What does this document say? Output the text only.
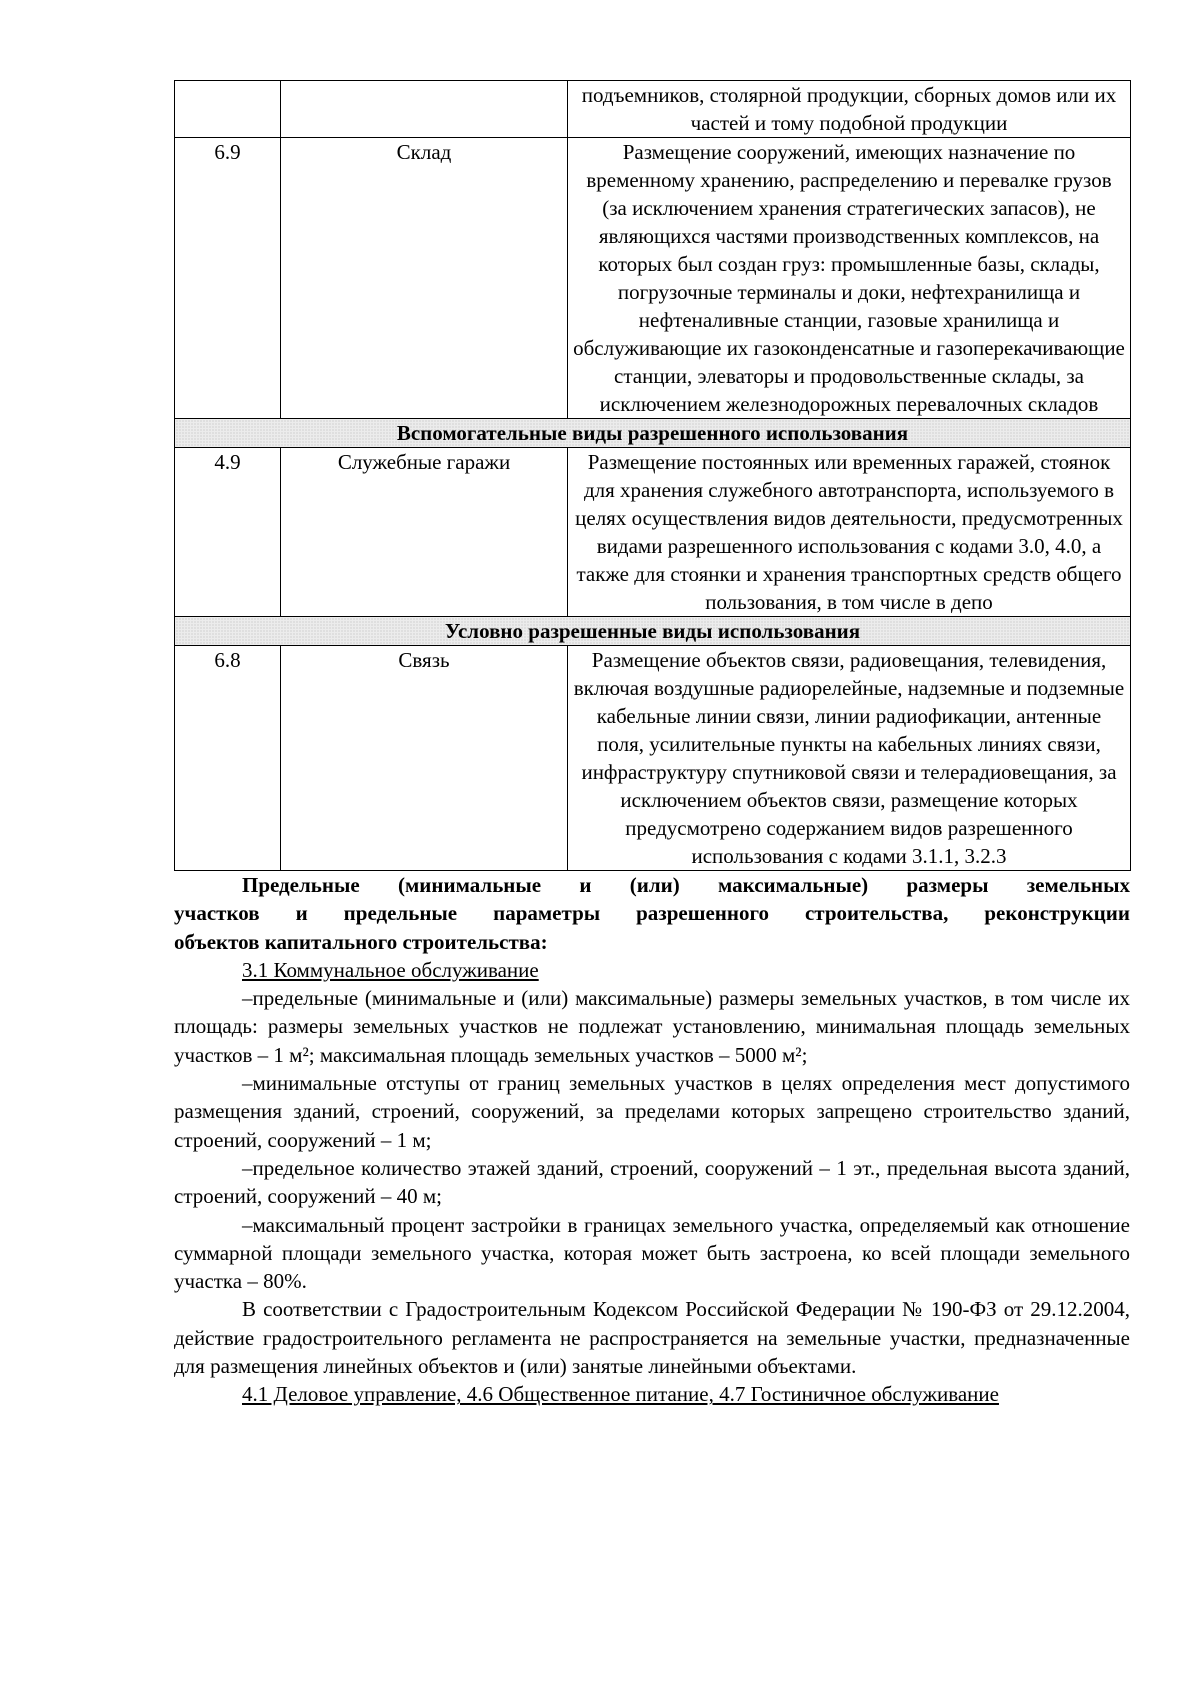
		подъемников, столярной продукции, сборных домов или их частей и тому подобной продукции
6.9	Склад	Размещение сооружений, имеющих назначение по временному хранению, распределению и перевалке грузов (за исключением хранения стратегических запасов), не являющихся частями производственных комплексов, на которых был создан груз: промышленные базы, склады, погрузочные терминалы и доки, нефтехранилища и нефтеналивные станции, газовые хранилища и обслуживающие их газоконденсатные и газоперекачивающие станции, элеваторы и продовольственные склады, за исключением железнодорожных перевалочных складов
Вспомогательные виды разрешенного использования		
4.9	Служебные гаражи	Размещение постоянных или временных гаражей, стоянок для хранения служебного автотранспорта, используемого в целях осуществления видов деятельности, предусмотренных видами разрешенного использования с кодами 3.0, 4.0, а также для стоянки и хранения транспортных средств общего пользования, в том числе в депо
Условно разрешенные виды использования		
6.8	Связь	Размещение объектов связи, радиовещания, телевидения, включая воздушные радиорелейные, надземные и подземные кабельные линии связи, линии радиофикации, антенные поля, усилительные пункты на кабельных линиях связи, инфраструктуру спутниковой связи и телерадиовещания, за исключением объектов связи, размещение которых предусмотрено содержанием видов разрешенного использования с кодами 3.1.1, 3.2.3

Предельные (минимальные и (или) максимальные) размеры земельных

участков и предельные параметры разрешенного строительства, реконструкции

объектов капитального строительства:

3.1 Коммунальное обслуживание

–предельные (минимальные и (или) максимальные) размеры земельных участков, в том числе их площадь: размеры земельных участков не подлежат установлению, минимальная площадь земельных участков – 1 м²; максимальная площадь земельных участков – 5000 м²;

–минимальные отступы от границ земельных участков в целях определения мест допустимого размещения зданий, строений, сооружений, за пределами которых запрещено строительство зданий, строений, сооружений – 1 м;

–предельное количество этажей зданий, строений, сооружений – 1 эт., предельная высота зданий, строений, сооружений – 40 м;

–максимальный процент застройки в границах земельного участка, определяемый как отношение суммарной площади земельного участка, которая может быть застроена, ко всей площади земельного участка – 80%.

В соответствии с Градостроительным Кодексом Российской Федерации № 190-ФЗ от 29.12.2004, действие градостроительного регламента не распространяется на земельные участки, предназначенные для размещения линейных объектов и (или) занятые линейными объектами.

4.1 Деловое управление, 4.6 Общественное питание, 4.7 Гостиничное обслуживание
